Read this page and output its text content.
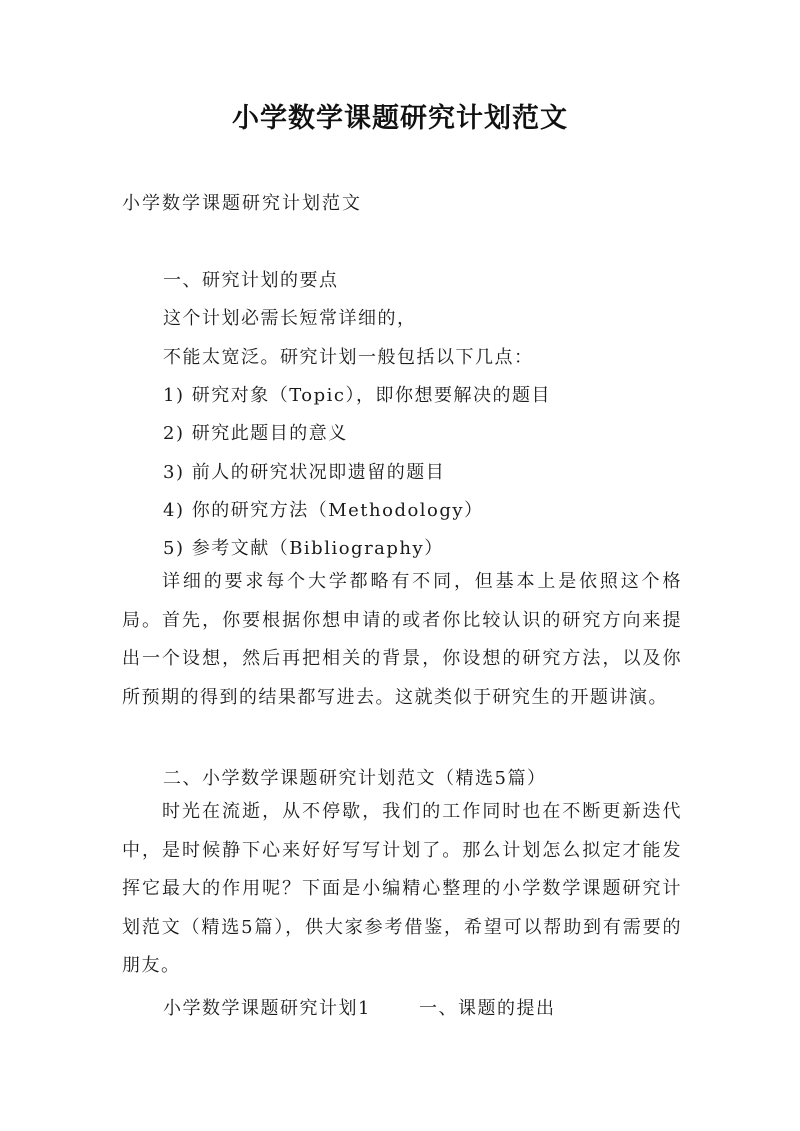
小学数学课题研究计划范文
小学数学课题研究计划范文
一、研究计划的要点
这个计划必需长短常详细的，
不能太宽泛。研究计划一般包括以下几点：
1) 研究对象（Topic），即你想要解决的题目
2) 研究此题目的意义
3) 前人的研究状况即遗留的题目
4) 你的研究方法（Methodology）
5) 参考文献（Bibliography）
详细的要求每个大学都略有不同，但基本上是依照这个格局。首先，你要根据你想申请的或者你比较认识的研究方向来提出一个设想，然后再把相关的背景，你设想的研究方法，以及你所预期的得到的结果都写进去。这就类似于研究生的开题讲演。
二、小学数学课题研究计划范文（精选5篇）
时光在流逝，从不停歇，我们的工作同时也在不断更新迭代中，是时候静下心来好好写写计划了。那么计划怎么拟定才能发挥它最大的作用呢？下面是小编精心整理的小学数学课题研究计划范文（精选5篇），供大家参考借鉴，希望可以帮助到有需要的朋友。
小学数学课题研究计划1	一、课题的提出
